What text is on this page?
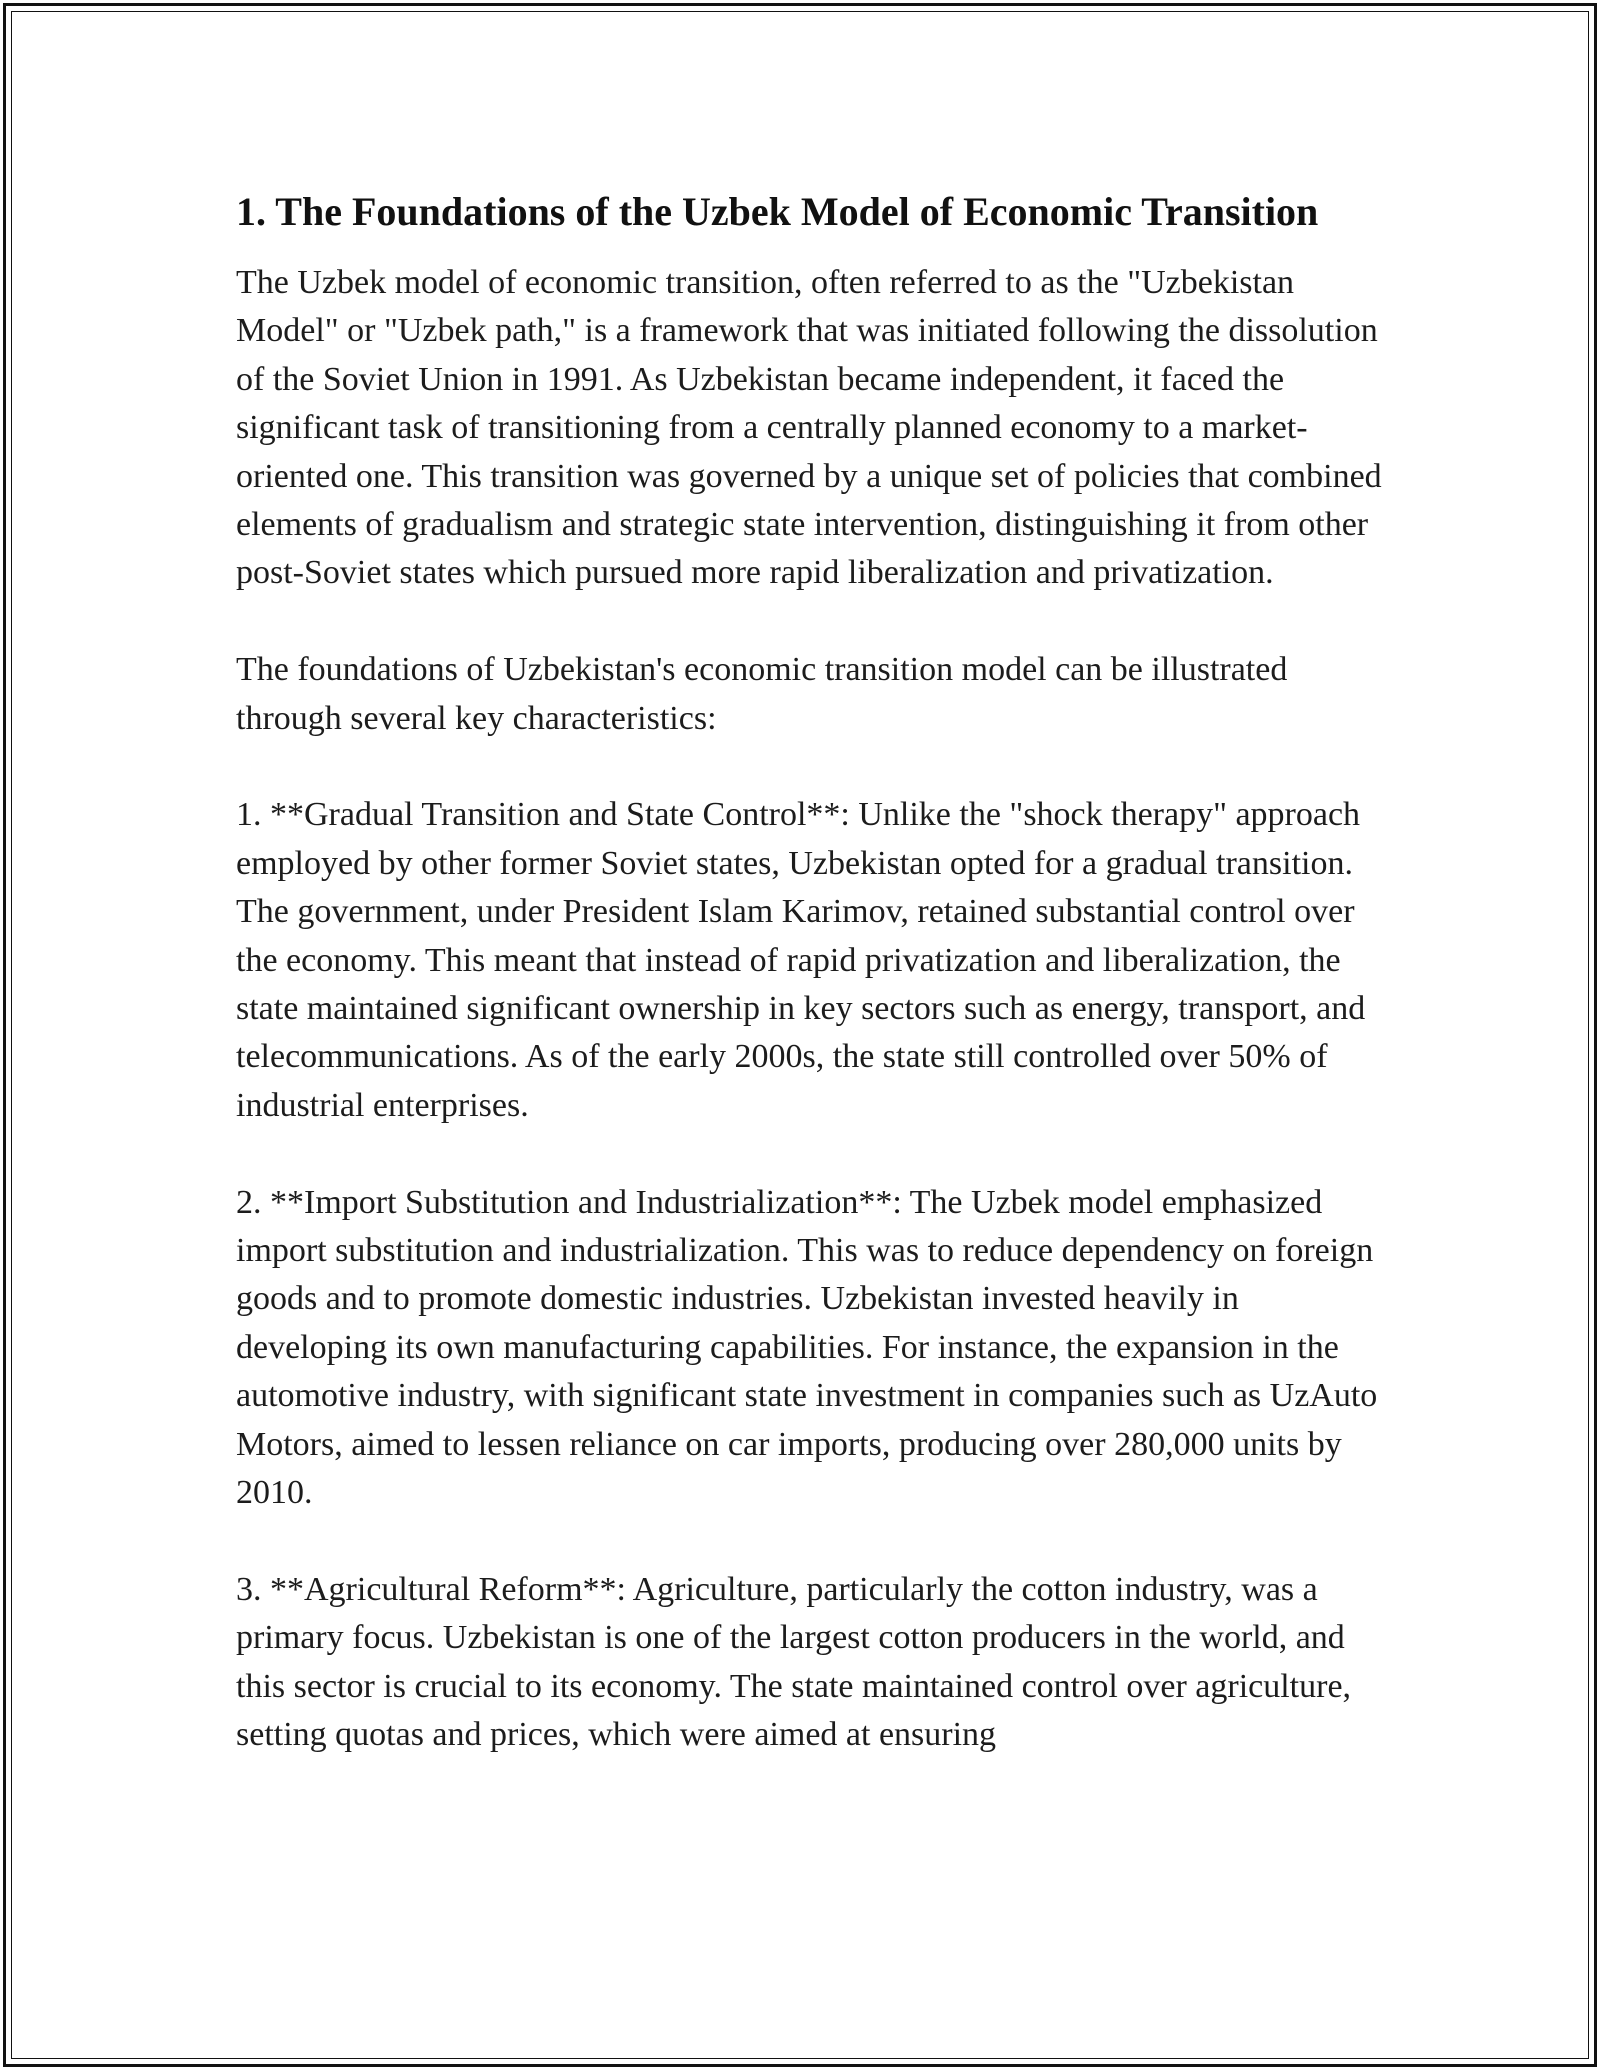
1. The Foundations of the Uzbek Model of Economic Transition

The Uzbek model of economic transition, often referred to as the "Uzbekistan Model" or "Uzbek path," is a framework that was initiated following the dissolution of the Soviet Union in 1991. As Uzbekistan became independent, it faced the significant task of transitioning from a centrally planned economy to a market-oriented one. This transition was governed by a unique set of policies that combined elements of gradualism and strategic state intervention, distinguishing it from other post-Soviet states which pursued more rapid liberalization and privatization.

The foundations of Uzbekistan's economic transition model can be illustrated through several key characteristics:

1. **Gradual Transition and State Control**: Unlike the "shock therapy" approach employed by other former Soviet states, Uzbekistan opted for a gradual transition. The government, under President Islam Karimov, retained substantial control over the economy. This meant that instead of rapid privatization and liberalization, the state maintained significant ownership in key sectors such as energy, transport, and telecommunications. As of the early 2000s, the state still controlled over 50% of industrial enterprises.

2. **Import Substitution and Industrialization**: The Uzbek model emphasized import substitution and industrialization. This was to reduce dependency on foreign goods and to promote domestic industries. Uzbekistan invested heavily in developing its own manufacturing capabilities. For instance, the expansion in the automotive industry, with significant state investment in companies such as UzAuto Motors, aimed to lessen reliance on car imports, producing over 280,000 units by 2010.

3. **Agricultural Reform**: Agriculture, particularly the cotton industry, was a primary focus. Uzbekistan is one of the largest cotton producers in the world, and this sector is crucial to its economy. The state maintained control over agriculture, setting quotas and prices, which were aimed at ensuring
